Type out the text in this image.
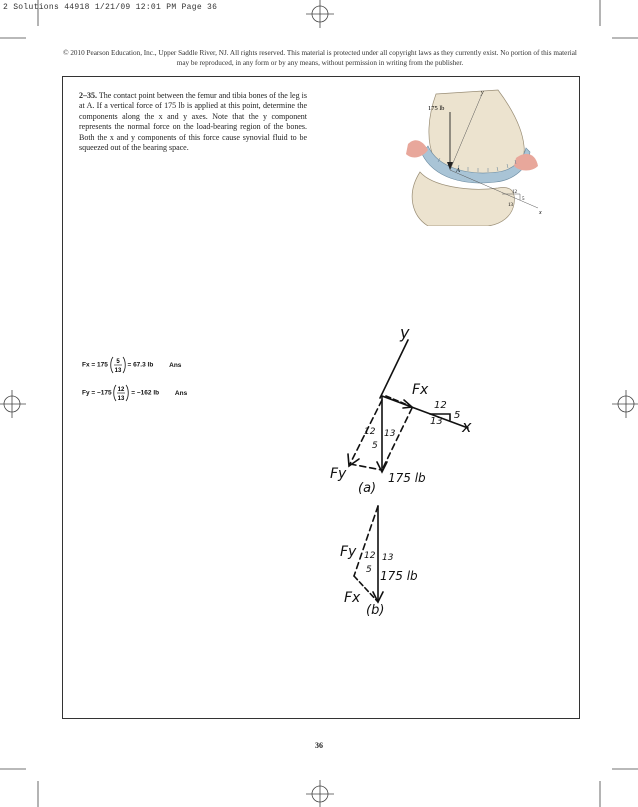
2 Solutions 44918 1/21/09 12:01 PM Page 36
© 2010 Pearson Education, Inc., Upper Saddle River, NJ. All rights reserved. This material is protected under all copyright laws as they currently exist. No portion of this material may be reproduced, in any form or by any means, without permission in writing from the publisher.
2–35. The contact point between the femur and tibia bones of the leg is at A. If a vertical force of 175 lb is applied at this point, determine the components along the x and y axes. Note that the y component represents the normal force on the load-bearing region of the bones. Both the x and y components of this force cause synovial fluid to be squeezed out of the bearing space.
175 lb
A
y
x
12
5
13
Fx = 175 5
13
= 67.3 lb Ans
Fy = −175 12
13
= −162 lb Ans
y
Fx
Fy
x
175 lb
(a)
12
5
13
12 13
5
Fy 12 13
5 175 lb
Fx
(b)
36
